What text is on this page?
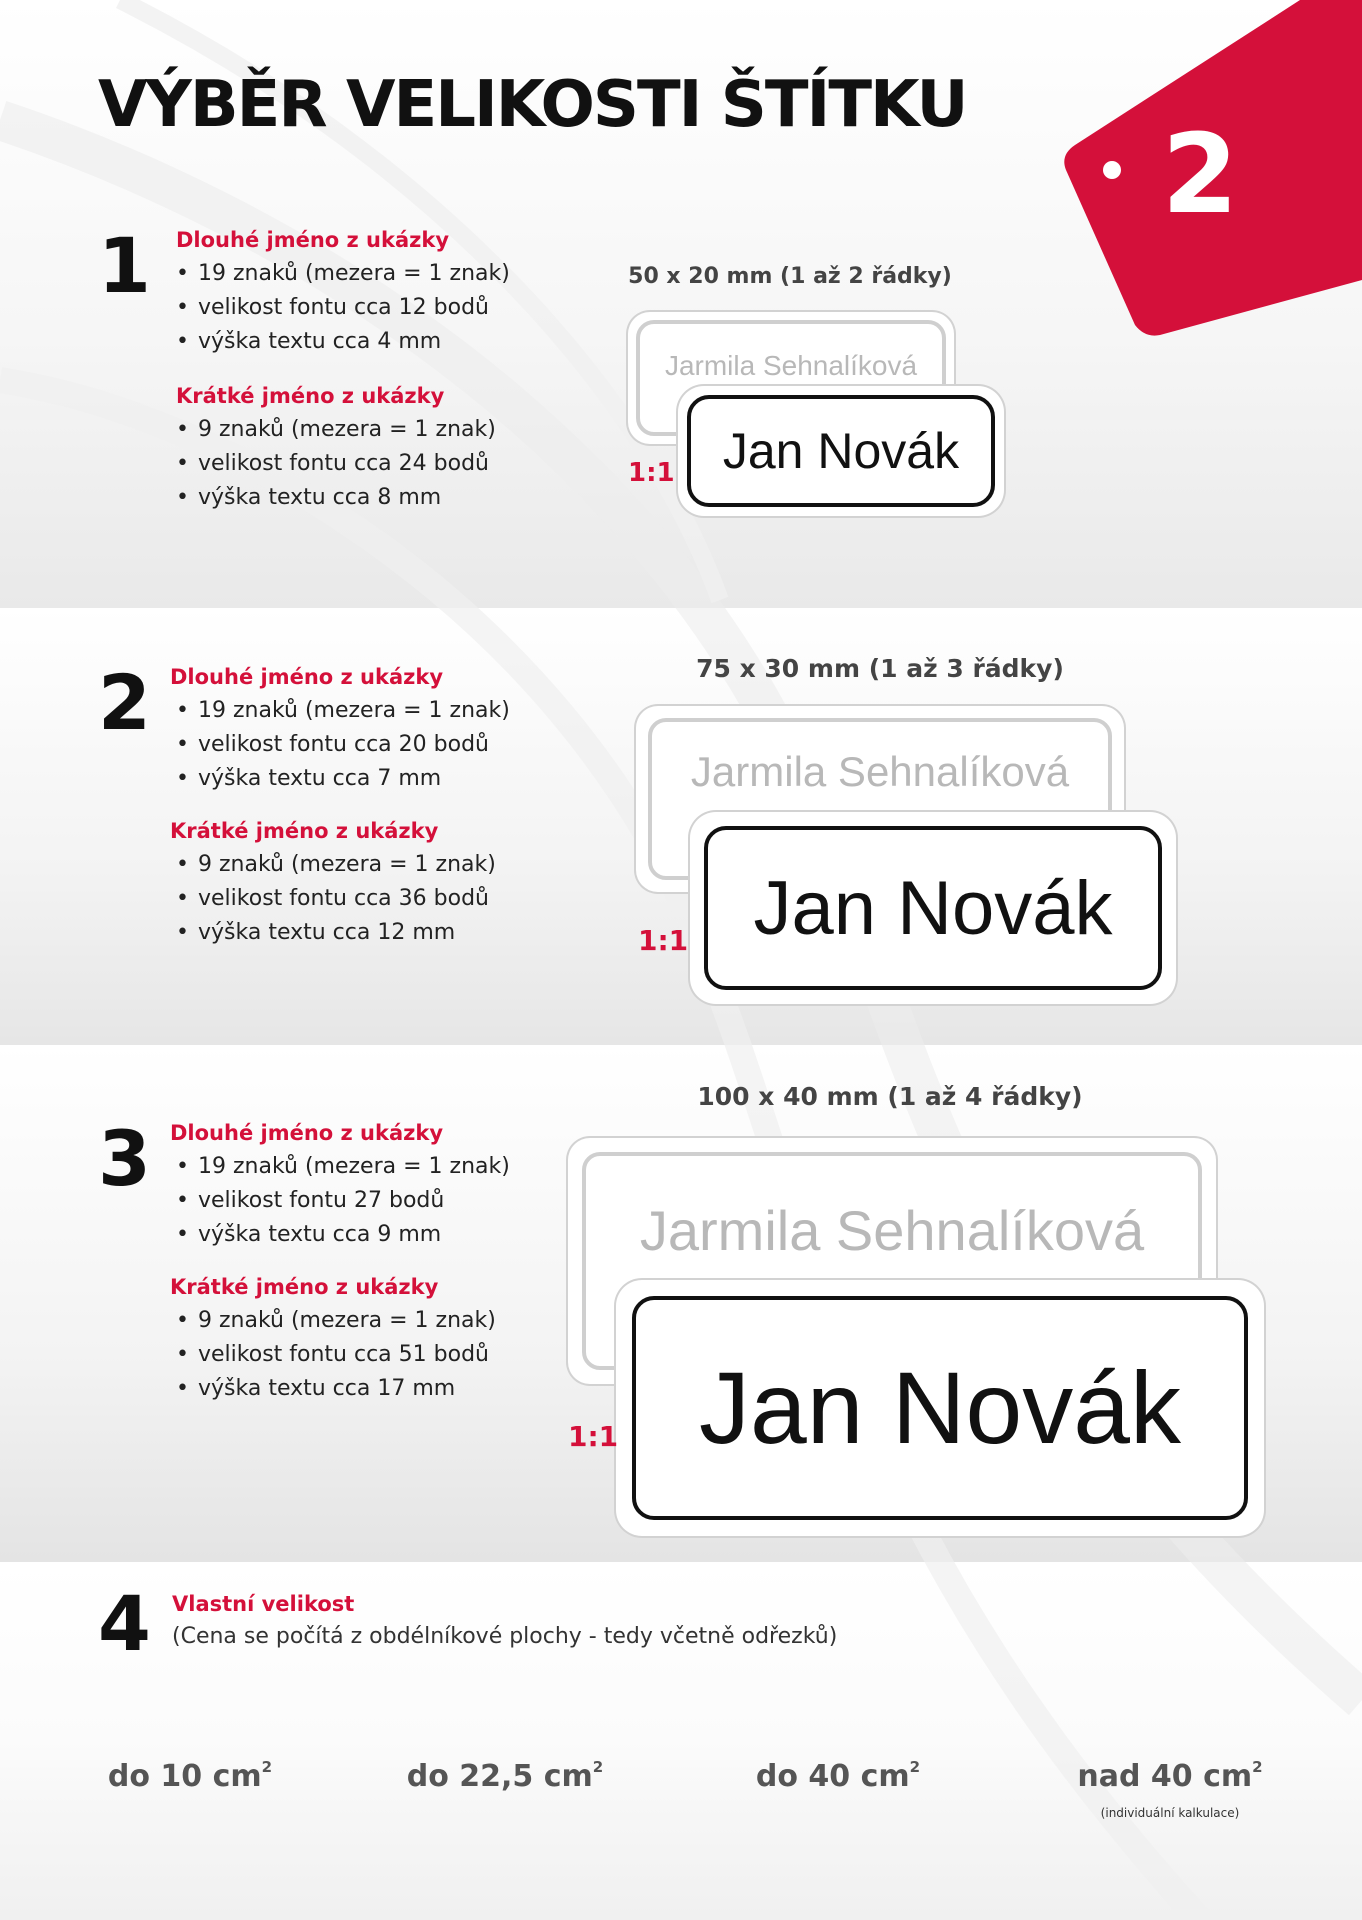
VÝBĚR VELIKOSTI ŠTÍTKU
2
1 Dlouhé jméno z ukázky
• 19 znaků (mezera = 1 znak)
• velikost fontu cca 12 bodů
• výška textu cca 4 mm
Krátké jméno z ukázky
• 9 znaků (mezera = 1 znak)
• velikost fontu cca 24 bodů
• výška textu cca 8 mm
50 x 20 mm (1 až 2 řádky)
Jarmila Sehnalíková
Jan Novák
1:1
2 Dlouhé jméno z ukázky
• 19 znaků (mezera = 1 znak)
• velikost fontu cca 20 bodů
• výška textu cca 7 mm
Krátké jméno z ukázky
• 9 znaků (mezera = 1 znak)
• velikost fontu cca 36 bodů
• výška textu cca 12 mm
75 x 30 mm (1 až 3 řádky)
Jarmila Sehnalíková
Jan Novák
1:1
3 Dlouhé jméno z ukázky
• 19 znaků (mezera = 1 znak)
• velikost fontu 27 bodů
• výška textu cca 9 mm
Krátké jméno z ukázky
• 9 znaků (mezera = 1 znak)
• velikost fontu cca 51 bodů
• výška textu cca 17 mm
100 x 40 mm (1 až 4 řádky)
Jarmila Sehnalíková
Jan Novák
1:1
4 Vlastní velikost
(Cena se počítá z obdélníkové plochy - tedy včetně odřezků)
do 10 $cm^2$	do 22,5 $cm^2$	do 40 $cm^2$	nad 40 $cm^2$
(individuální kalkulace)
